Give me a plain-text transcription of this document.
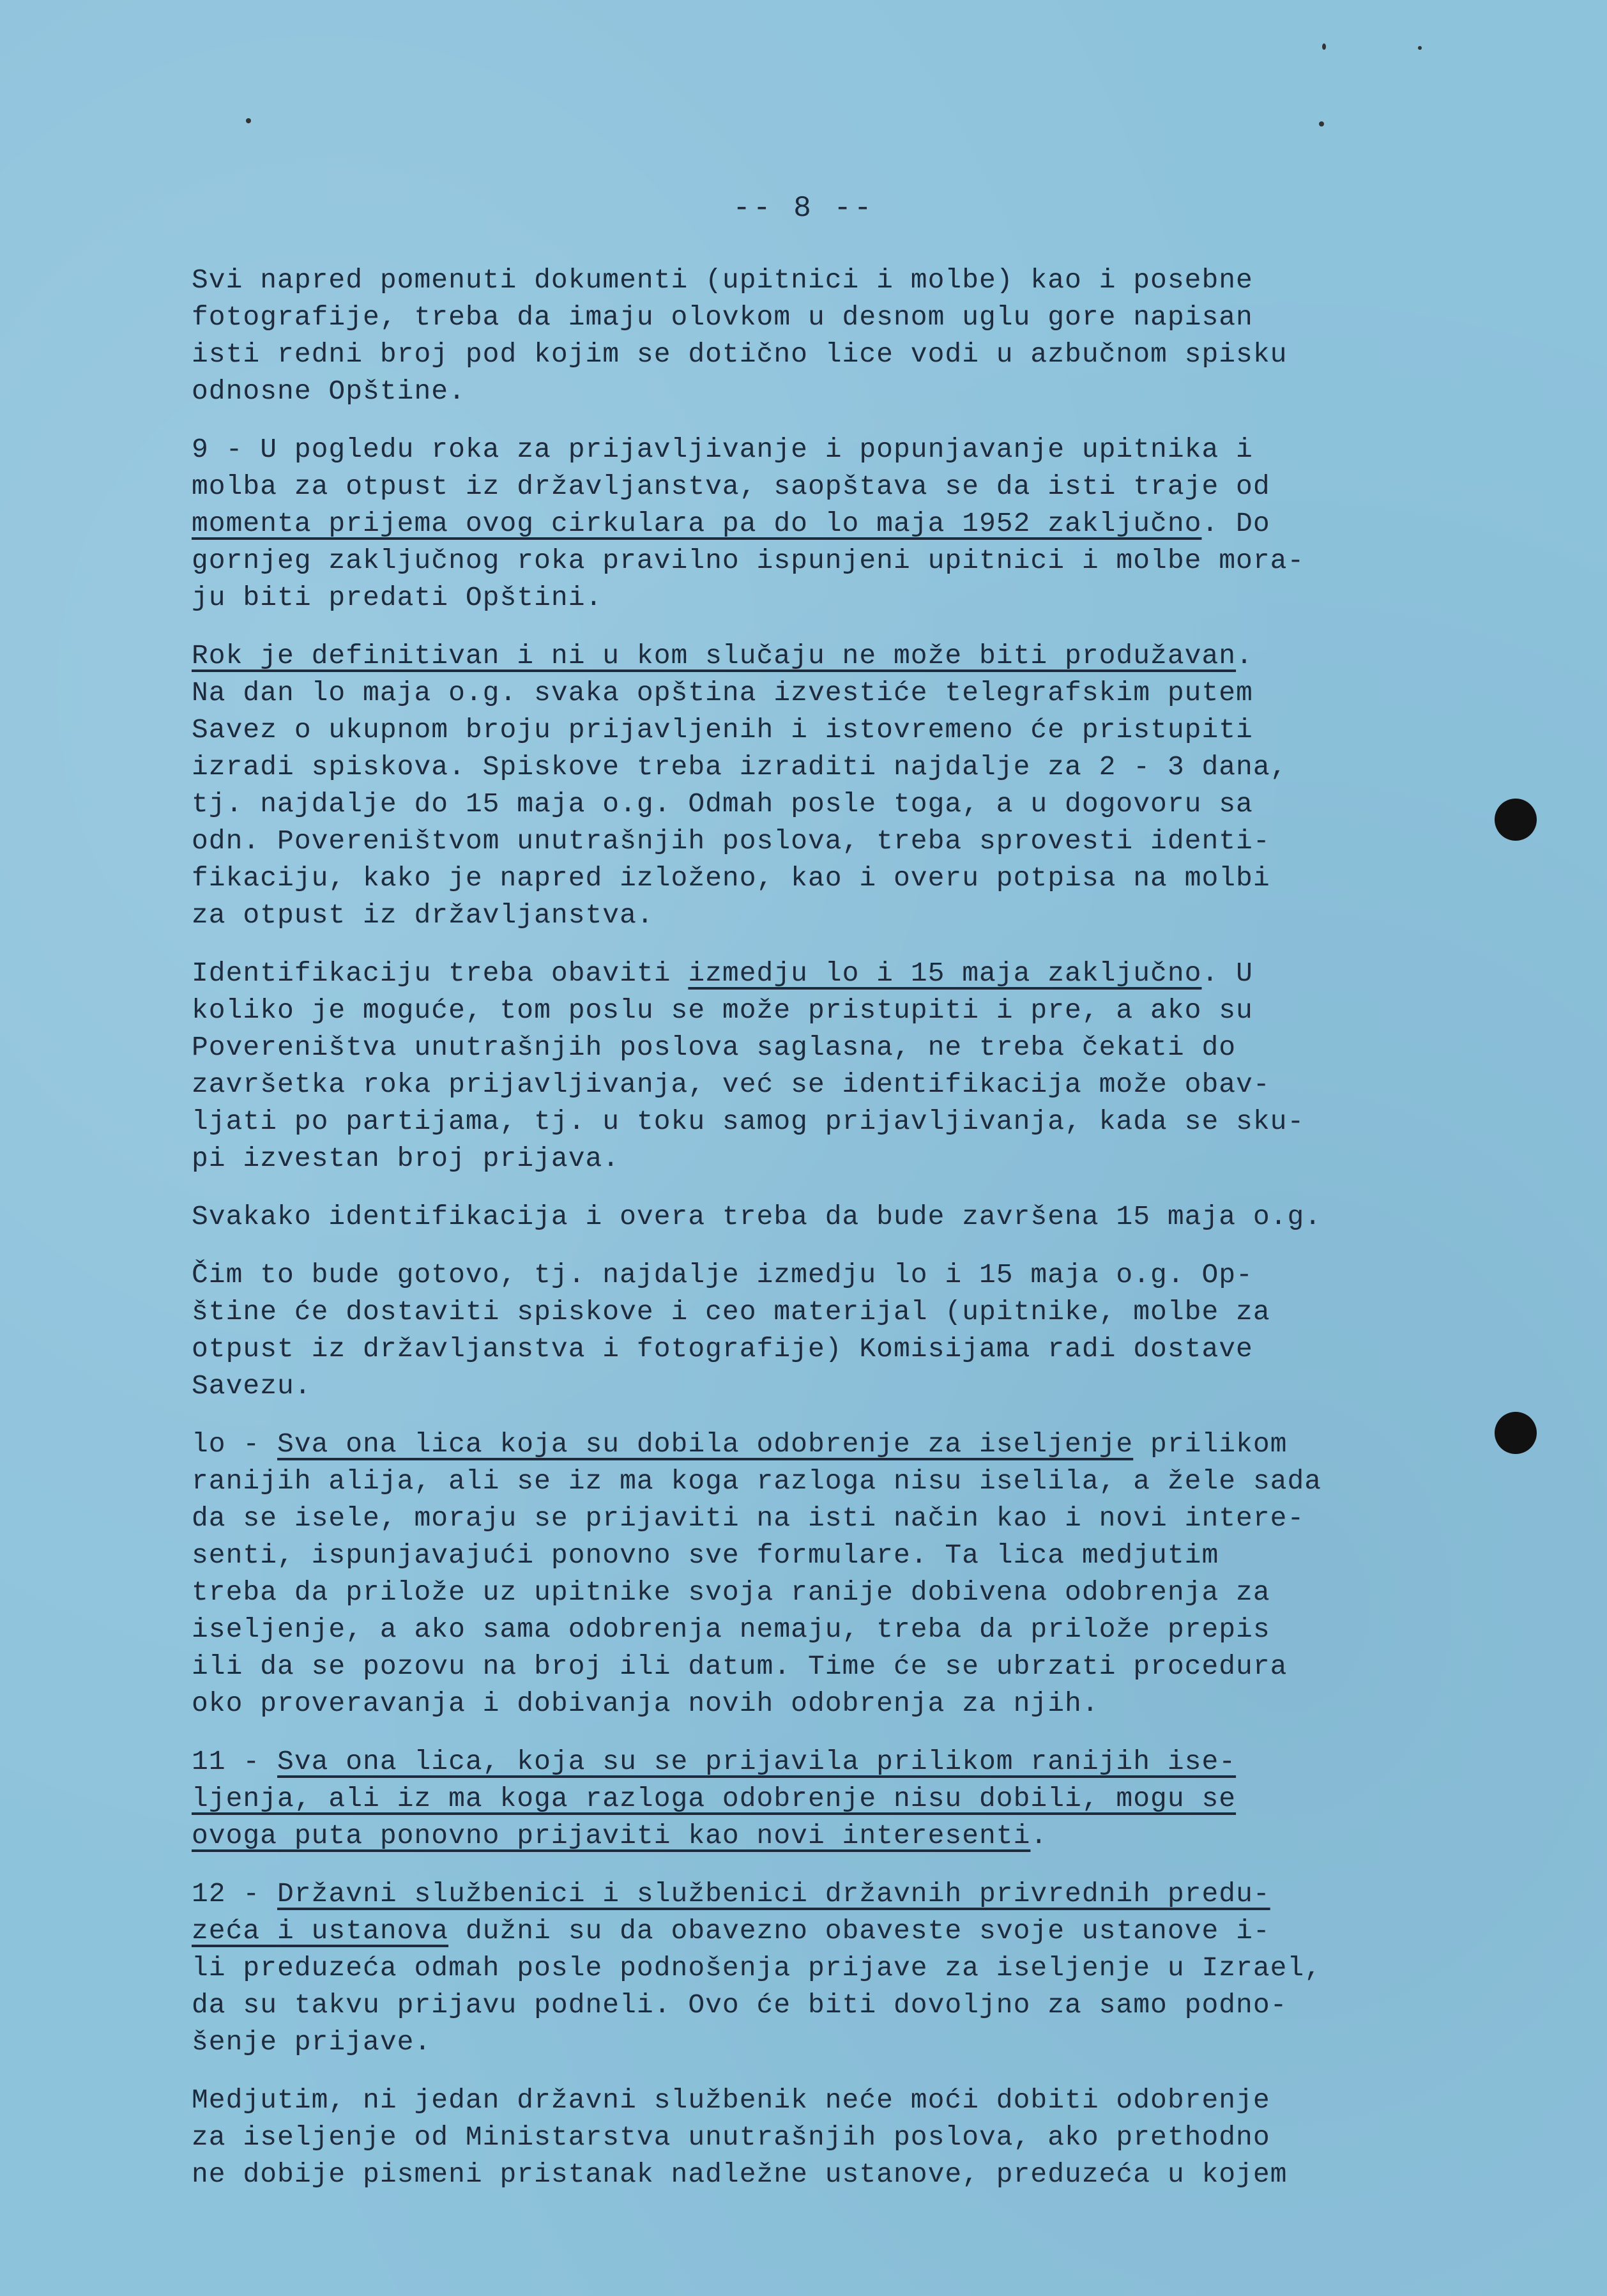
-- 8 --
Svi napred pomenuti dokumenti (upitnici i molbe) kao i posebne
fotografije, treba da imaju olovkom u desnom uglu gore napisan
isti redni broj pod kojim se dotično lice vodi u azbučnom spisku
odnosne Opštine.
9 - U pogledu roka za prijavljivanje i popunjavanje upitnika i
molba za otpust iz državljanstva, saopštava se da isti traje od
momenta prijema ovog cirkulara pa do lo maja 1952 zaključno. Do
gornjeg zaključnog roka pravilno ispunjeni upitnici i molbe mora-
ju biti predati Opštini.
Rok je definitivan i ni u kom slučaju ne može biti produžavan.
Na dan lo maja o.g. svaka opština izvestiće telegrafskim putem
Savez o ukupnom broju prijavljenih i istovremeno će pristupiti
izradi spiskova. Spiskove treba izraditi najdalje za 2 - 3 dana,
tj. najdalje do 15 maja o.g. Odmah posle toga, a u dogovoru sa
odn. Povereništvom unutrašnjih poslova, treba sprovesti identi-
fikaciju, kako je napred izloženo, kao i overu potpisa na molbi
za otpust iz državljanstva.
Identifikaciju treba obaviti izmedju lo i 15 maja zaključno. U
koliko je moguće, tom poslu se može pristupiti i pre, a ako su
Povereništva unutrašnjih poslova saglasna, ne treba čekati do
završetka roka prijavljivanja, već se identifikacija može obav-
ljati po partijama, tj. u toku samog prijavljivanja, kada se sku-
pi izvestan broj prijava.
Svakako identifikacija i overa treba da bude završena 15 maja o.g.
Čim to bude gotovo, tj. najdalje izmedju lo i 15 maja o.g. Op-
štine će dostaviti spiskove i ceo materijal (upitnike, molbe za
otpust iz državljanstva i fotografije) Komisijama radi dostave
Savezu.
lo - Sva ona lica koja su dobila odobrenje za iseljenje prilikom
ranijih alija, ali se iz ma koga razloga nisu iselila, a žele sada
da se isele, moraju se prijaviti na isti način kao i novi intere-
senti, ispunjavajući ponovno sve formulare. Ta lica medjutim
treba da prilože uz upitnike svoja ranije dobivena odobrenja za
iseljenje, a ako sama odobrenja nemaju, treba da prilože prepis
ili da se pozovu na broj ili datum. Time će se ubrzati procedura
oko proveravanja i dobivanja novih odobrenja za njih.
11 - Sva ona lica, koja su se prijavila prilikom ranijih ise-
ljenja, ali iz ma koga razloga odobrenje nisu dobili, mogu se
ovoga puta ponovno prijaviti kao novi interesenti.
12 - Državni službenici i službenici državnih privrednih predu-
zeća i ustanova dužni su da obavezno obaveste svoje ustanove i-
li preduzeća odmah posle podnošenja prijave za iseljenje u Izrael,
da su takvu prijavu podneli. Ovo će biti dovoljno za samo podno-
šenje prijave.
Medjutim, ni jedan državni službenik neće moći dobiti odobrenje
za iseljenje od Ministarstva unutrašnjih poslova, ako prethodno
ne dobije pismeni pristanak nadležne ustanove, preduzeća u kojem
